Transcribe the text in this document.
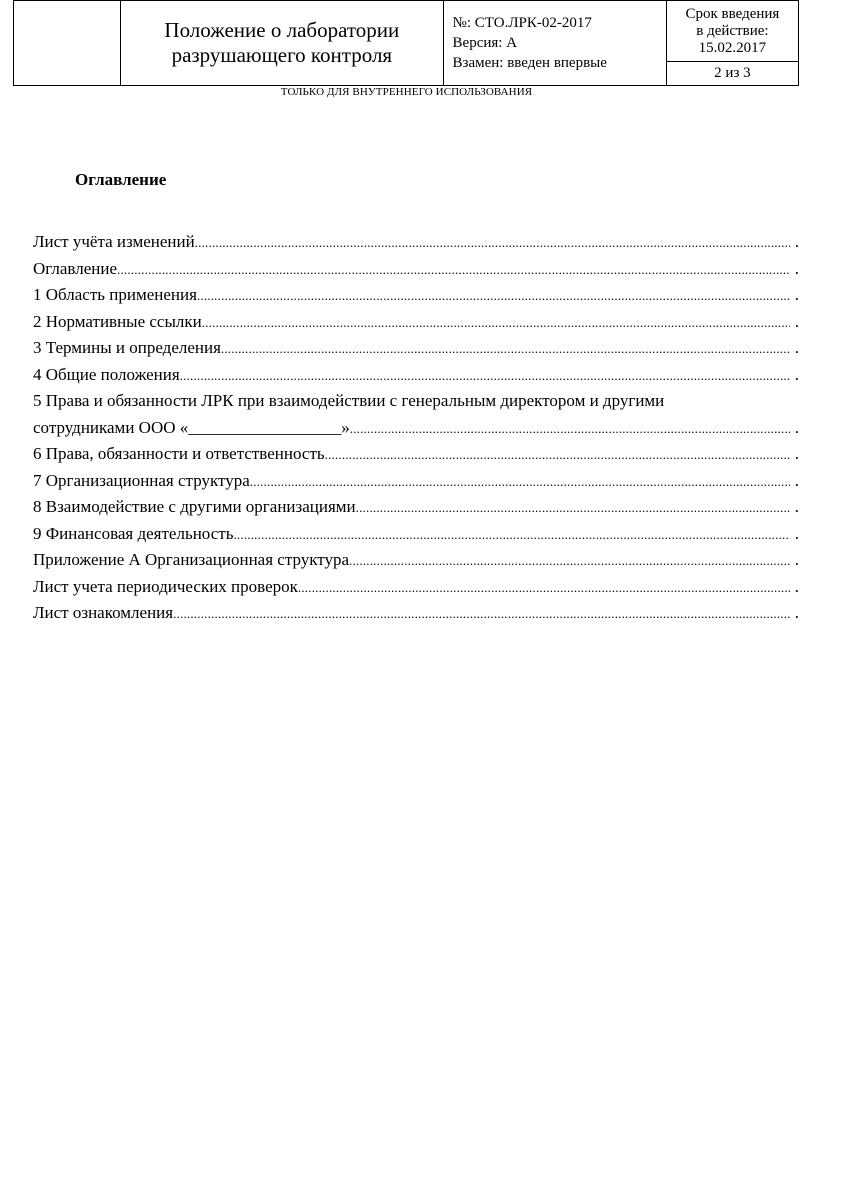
Положение о лаборатории
разрушающего контроля

№: СТО.ЛРК-02-2017
Версия: А
Взамен: введен впервые

Срок введения
в действие:
15.02.2017

2 из 3
ТОЛЬКО ДЛЯ ВНУТРЕННЕГО ИСПОЛЬЗОВАНИЯ
Оглавление
Лист учёта изменений .....	.
Оглавление .....	.
1 Область применения .....	.
2 Нормативные ссылки .....	.
3 Термины и определения .....	.
4 Общие положения .....	.
5 Права и обязанности ЛРК при взаимодействии с генеральным директором и другими
сотрудниками ООО «__________________» .....	.
6 Права, обязанности и ответственность .....	.
7 Организационная структура .....	.
8 Взаимодействие с другими организациями .....	.
9 Финансовая деятельность .....	.
Приложение А Организационная структура .....	.
Лист учета периодических проверок .....	.
Лист ознакомления .....	.
